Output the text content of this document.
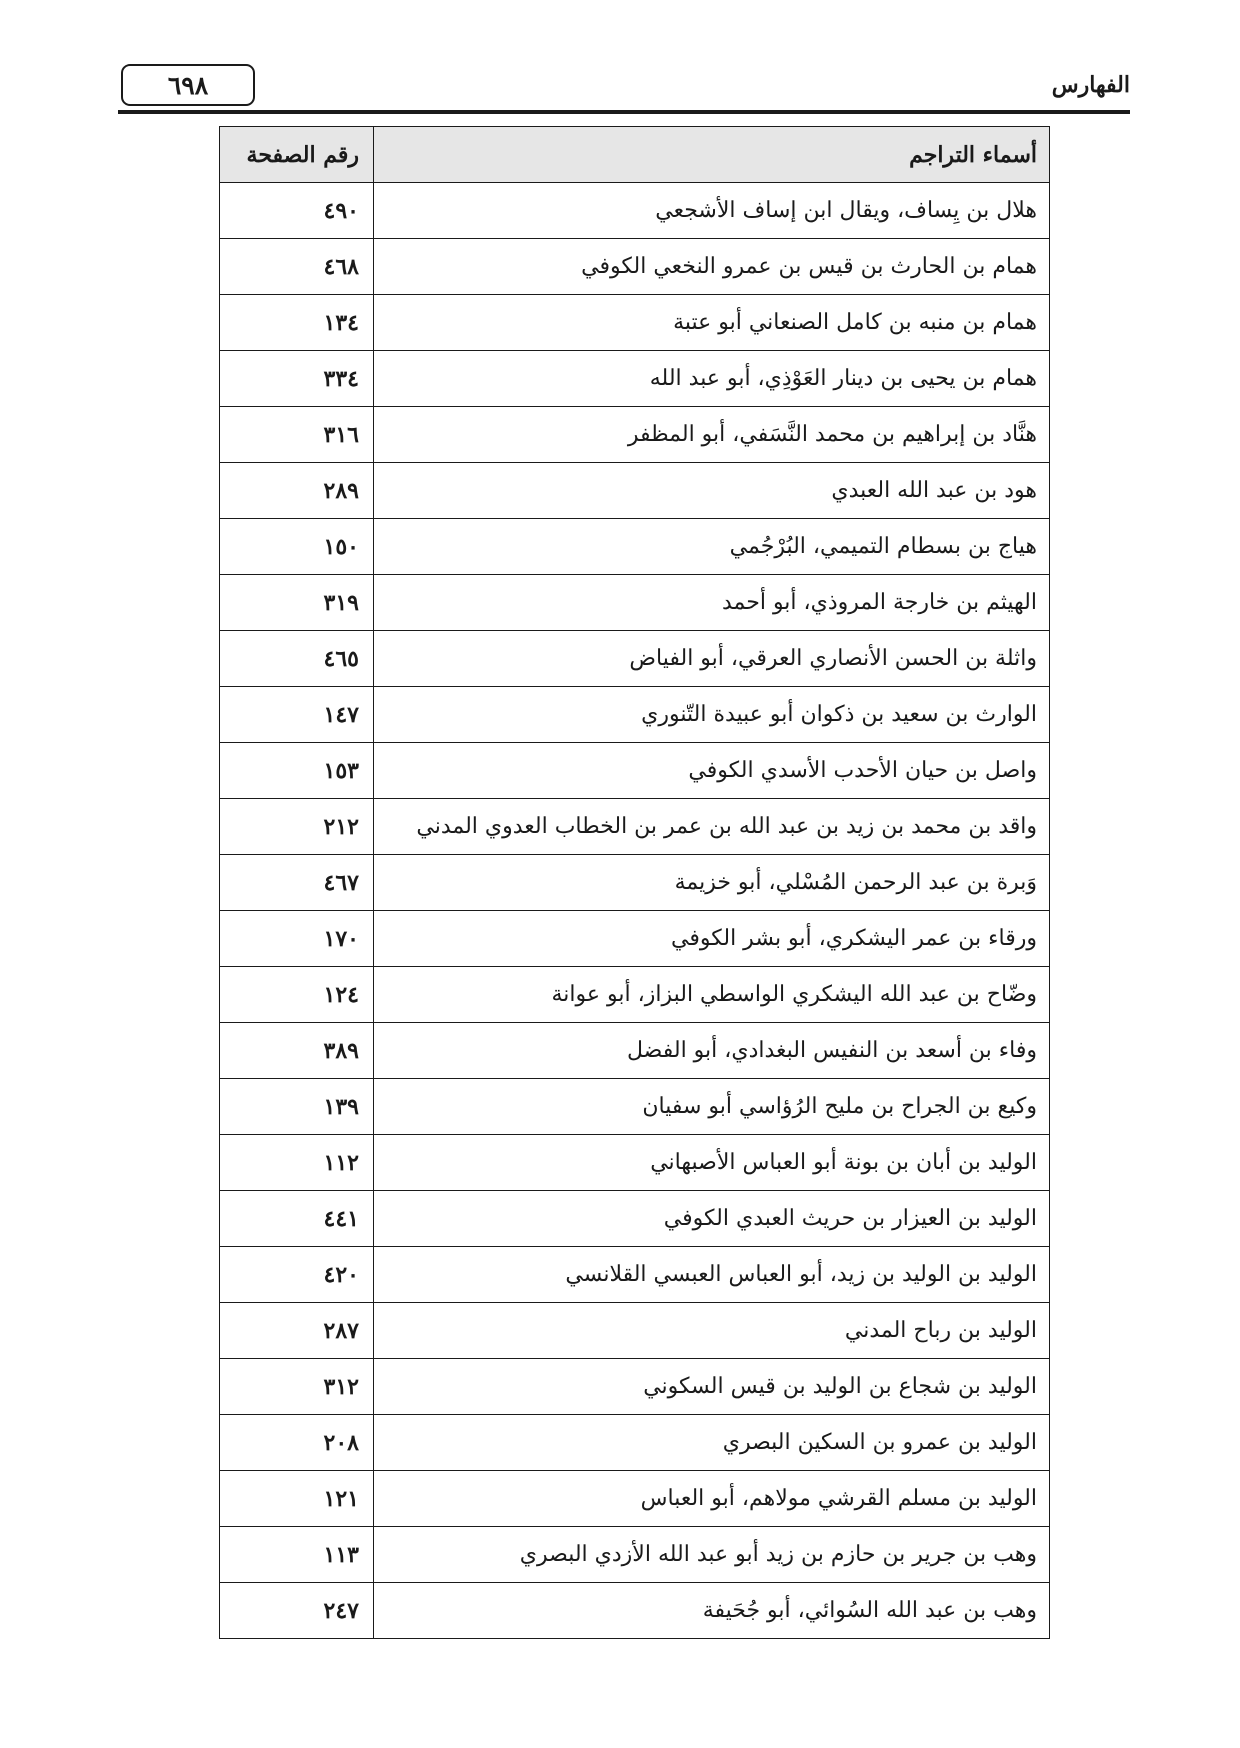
٦٩٨	الفهارس
أسماء التراجم	رقم الصفحة
هلال بن يِساف، ويقال ابن إساف الأشجعي	٤٩٠
همام بن الحارث بن قيس بن عمرو النخعي الكوفي	٤٦٨
همام بن منبه بن كامل الصنعاني أبو عتبة	١٣٤
همام بن يحيى بن دينار العَوْذِي، أبو عبد الله	٣٣٤
هنَّاد بن إبراهيم بن محمد النَّسَفي، أبو المظفر	٣١٦
هود بن عبد الله العبدي	٢٨٩
هياج بن بسطام التميمي، البُرْجُمي	١٥٠
الهيثم بن خارجة المروذي، أبو أحمد	٣١٩
واثلة بن الحسن الأنصاري العرقي، أبو الفياض	٤٦٥
الوارث بن سعيد بن ذكوان أبو عبيدة التّنوري	١٤٧
واصل بن حيان الأحدب الأسدي الكوفي	١٥٣
واقد بن محمد بن زيد بن عبد الله بن عمر بن الخطاب العدوي المدني	٢١٢
وَبرة بن عبد الرحمن المُسْلي، أبو خزيمة	٤٦٧
ورقاء بن عمر اليشكري، أبو بشر الكوفي	١٧٠
وضّاح بن عبد الله اليشكري الواسطي البزاز، أبو عوانة	١٢٤
وفاء بن أسعد بن النفيس البغدادي، أبو الفضل	٣٨٩
وكيع بن الجراح بن مليح الرُؤاسي أبو سفيان	١٣٩
الوليد بن أبان بن بونة أبو العباس الأصبهاني	١١٢
الوليد بن العيزار بن حريث العبدي الكوفي	٤٤١
الوليد بن الوليد بن زيد، أبو العباس العبسي القلانسي	٤٢٠
الوليد بن رباح المدني	٢٨٧
الوليد بن شجاع بن الوليد بن قيس السكوني	٣١٢
الوليد بن عمرو بن السكين البصري	٢٠٨
الوليد بن مسلم القرشي مولاهم، أبو العباس	١٢١
وهب بن جرير بن حازم بن زيد أبو عبد الله الأزدي البصري	١١٣
وهب بن عبد الله السُوائي، أبو جُحَيفة	٢٤٧
